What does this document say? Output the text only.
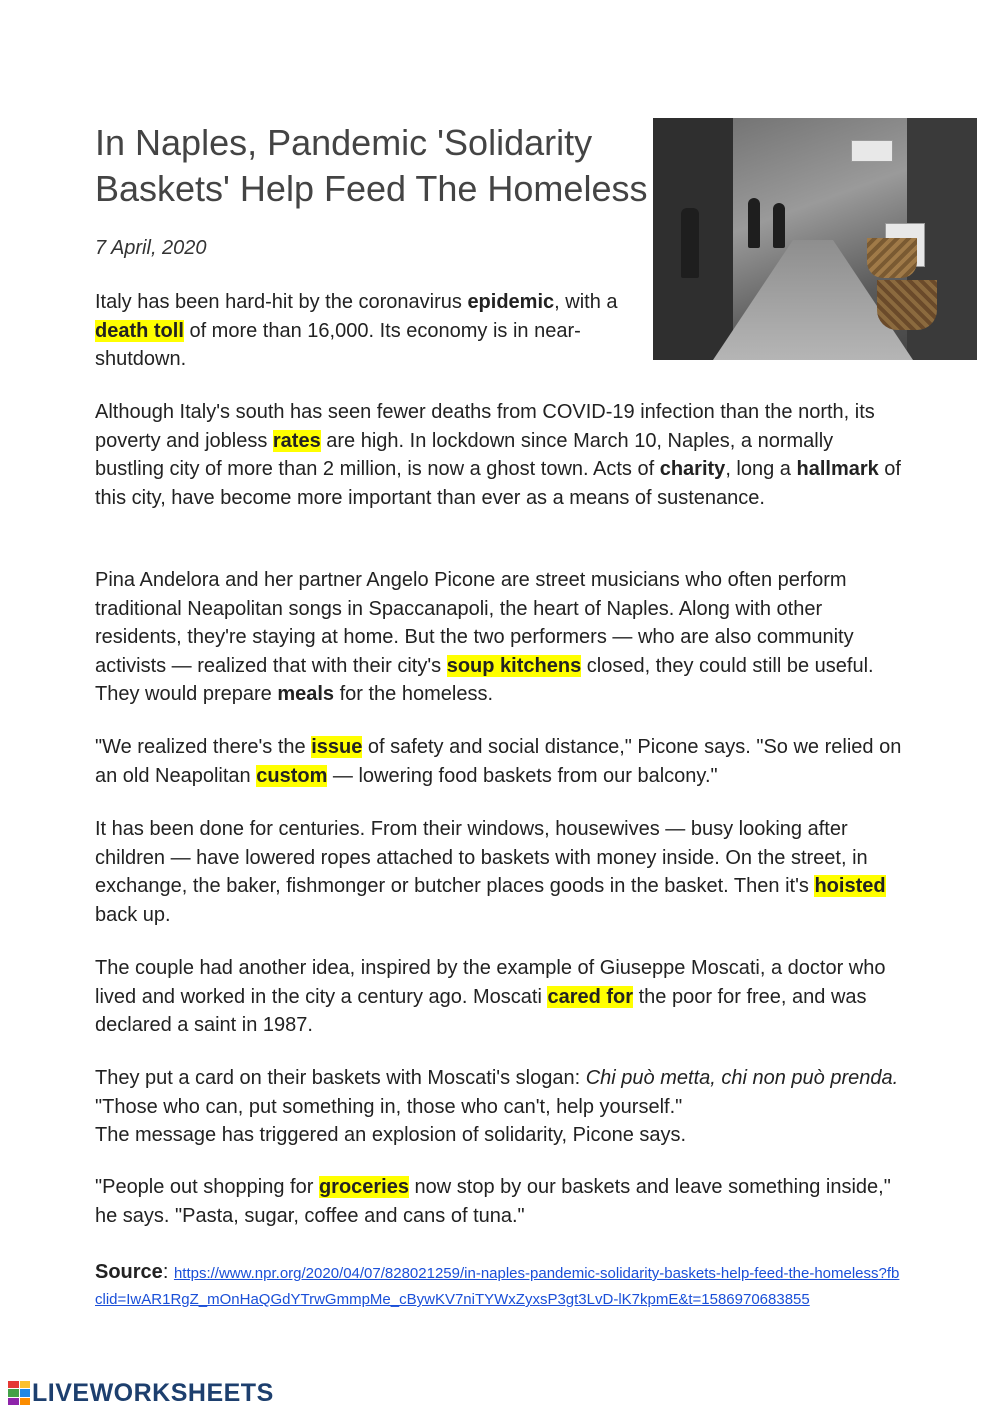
In Naples, Pandemic 'Solidarity Baskets' Help Feed The Homeless
7 April, 2020

Italy has been hard-hit by the coronavirus epidemic, with a death toll of more than 16,000. Its economy is in near-shutdown.

Although Italy's south has seen fewer deaths from COVID-19 infection than the north, its poverty and jobless rates are high. In lockdown since March 10, Naples, a normally bustling city of more than 2 million, is now a ghost town. Acts of charity, long a hallmark of this city, have become more important than ever as a means of sustenance.

Pina Andelora and her partner Angelo Picone are street musicians who often perform traditional Neapolitan songs in Spaccanapoli, the heart of Naples. Along with other residents, they're staying at home. But the two performers — who are also community activists — realized that with their city's soup kitchens closed, they could still be useful. They would prepare meals for the homeless.

"We realized there's the issue of safety and social distance," Picone says. "So we relied on an old Neapolitan custom — lowering food baskets from our balcony."

It has been done for centuries. From their windows, housewives — busy looking after children — have lowered ropes attached to baskets with money inside. On the street, in exchange, the baker, fishmonger or butcher places goods in the basket. Then it's hoisted back up.

The couple had another idea, inspired by the example of Giuseppe Moscati, a doctor who lived and worked in the city a century ago. Moscati cared for the poor for free, and was declared a saint in 1987.

They put a card on their baskets with Moscati's slogan: Chi può metta, chi non può prenda. "Those who can, put something in, those who can't, help yourself."
The message has triggered an explosion of solidarity, Picone says.

"People out shopping for groceries now stop by our baskets and leave something inside," he says. "Pasta, sugar, coffee and cans of tuna."

Source: https://www.npr.org/2020/04/07/828021259/in-naples-pandemic-solidarity-baskets-help-feed-the-homeless?fbclid=IwAR1RgZ_mOnHaQGdYTrwGmmpMe_cBywKV7niTYWxZyxsP3gt3LvD-lK7kpmE&t=1586970683855
LIVEWORKSHEETS
